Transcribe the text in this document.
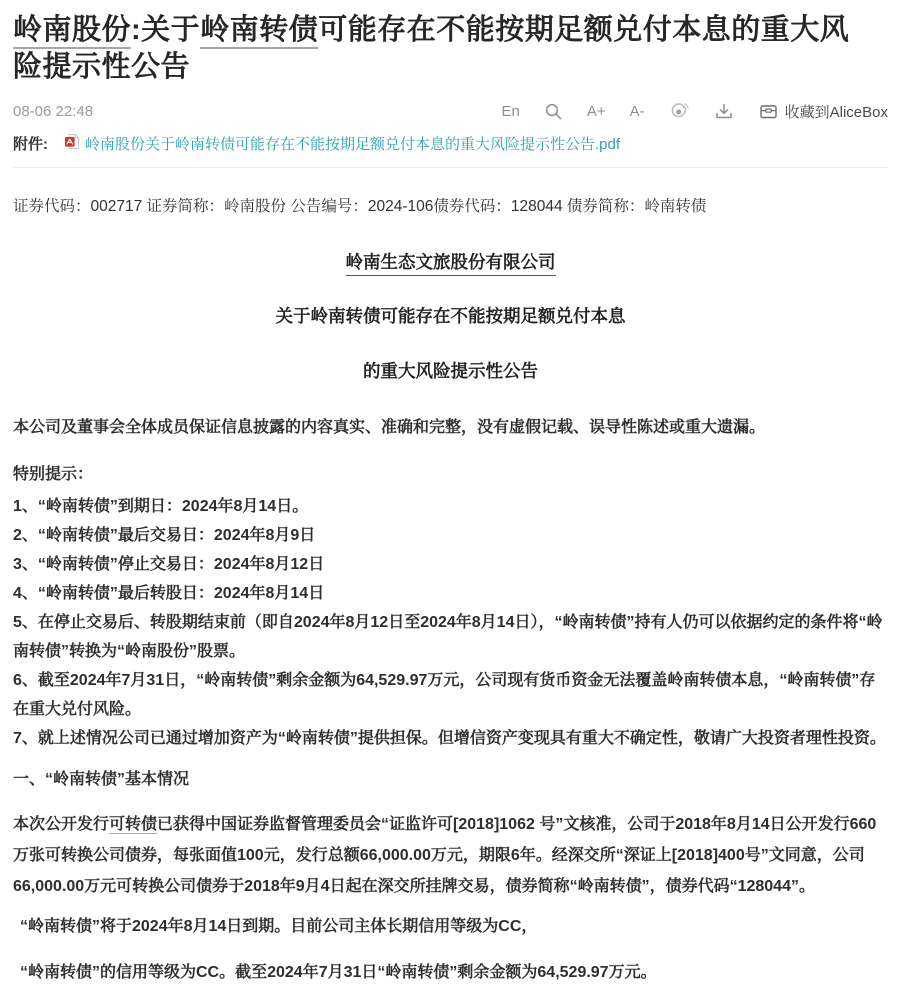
岭南股份:关于岭南转债可能存在不能按期足额兑付本息的重大风险提示性公告
08-06 22:48	En	A+ A-	收藏到AliceBox
附件: 岭南股份关于岭南转债可能存在不能按期足额兑付本息的重大风险提示性公告.pdf

证券代码：002717 证券简称：岭南股份 公告编号：2024-106债券代码：128044 债券简称：岭南转债

岭南生态文旅股份有限公司
关于岭南转债可能存在不能按期足额兑付本息
的重大风险提示性公告

本公司及董事会全体成员保证信息披露的内容真实、准确和完整，没有虚假记载、误导性陈述或重大遗漏。

特别提示：

1、“岭南转债”到期日：2024年8月14日。

2、“岭南转债”最后交易日：2024年8月9日

3、“岭南转债”停止交易日：2024年8月12日

4、“岭南转债”最后转股日：2024年8月14日

5、在停止交易后、转股期结束前（即自2024年8月12日至2024年8月14日），“岭南转债”持有人仍可以依据约定的条件将“岭南转债”转换为“岭南股份”股票。

6、截至2024年7月31日，“岭南转债”剩余金额为64,529.97万元，公司现有货币资金无法覆盖岭南转债本息，“岭南转债”存在重大兑付风险。

7、就上述情况公司已通过增加资产为“岭南转债”提供担保。但增信资产变现具有重大不确定性，敬请广大投资者理性投资。

一、“岭南转债”基本情况

本次公开发行可转债已获得中国证券监督管理委员会“证监许可[2018]1062 号”文核准，公司于2018年8月14日公开发行660万张可转换公司债券，每张面值100元，发行总额66,000.00万元，期限6年。经深交所“深证上[2018]400号”文同意，公司66,000.00万元可转换公司债券于2018年9月4日起在深交所挂牌交易，债券简称“岭南转债”，债券代码“128044”。

“岭南转债”将于2024年8月14日到期。目前公司主体长期信用等级为CC，

“岭南转债”的信用等级为CC。截至2024年7月31日“岭南转债”剩余金额为64,529.97万元。
